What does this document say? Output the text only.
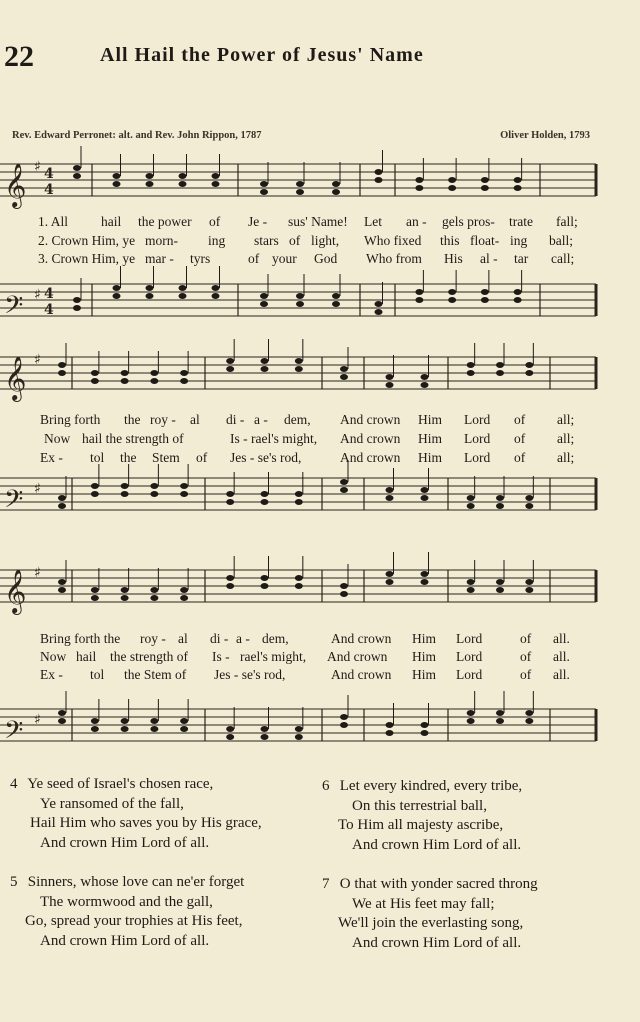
22	All Hail the Power of Jesus' Name
Rev. Edward Perronet: alt. and Rev. John Rippon, 1787	Oliver Holden, 1793
𝄞 ♯ 4
4
𝄢 ♯ 4
4
𝄞 ♯
𝄢 ♯
𝄞 ♯
𝄢 ♯
1. All hail the power of Je - sus' Name! Let an - gels pros- trate fall;
2. Crown Him, ye morn- ing stars of light, Who fixed this float- ing ball;
3. Crown Him, ye mar - tyrs	of your God Who from His al - tar call;
Bring forth the roy - al di - a - dem, And crown Him Lord of all;
Now hail the strength of	Is - rael's might, And crown Him Lord of all;
Ex - tol the Stem of Jes - se's rod,	And crown Him Lord of all;
Bring forth the roy - al di - a - dem,	And crown Him Lord	of all.
Now hail the strength of Is - rael's might, And crown Him Lord	of all.
Ex - tol the Stem of Jes - se's rod,	And crown Him Lord	of all.
4 Ye seed of Israel's chosen race,
Ye ransomed of the fall,
Hail Him who saves you by His grace,
And crown Him Lord of all.
5 Sinners, whose love can ne'er forget
The wormwood and the gall,
Go, spread your trophies at His feet,
And crown Him Lord of all.
6 Let every kindred, every tribe,
On this terrestrial ball,
To Him all majesty ascribe,
And crown Him Lord of all.
7 O that with yonder sacred throng
We at His feet may fall;
We'll join the everlasting song,
And crown Him Lord of all.
